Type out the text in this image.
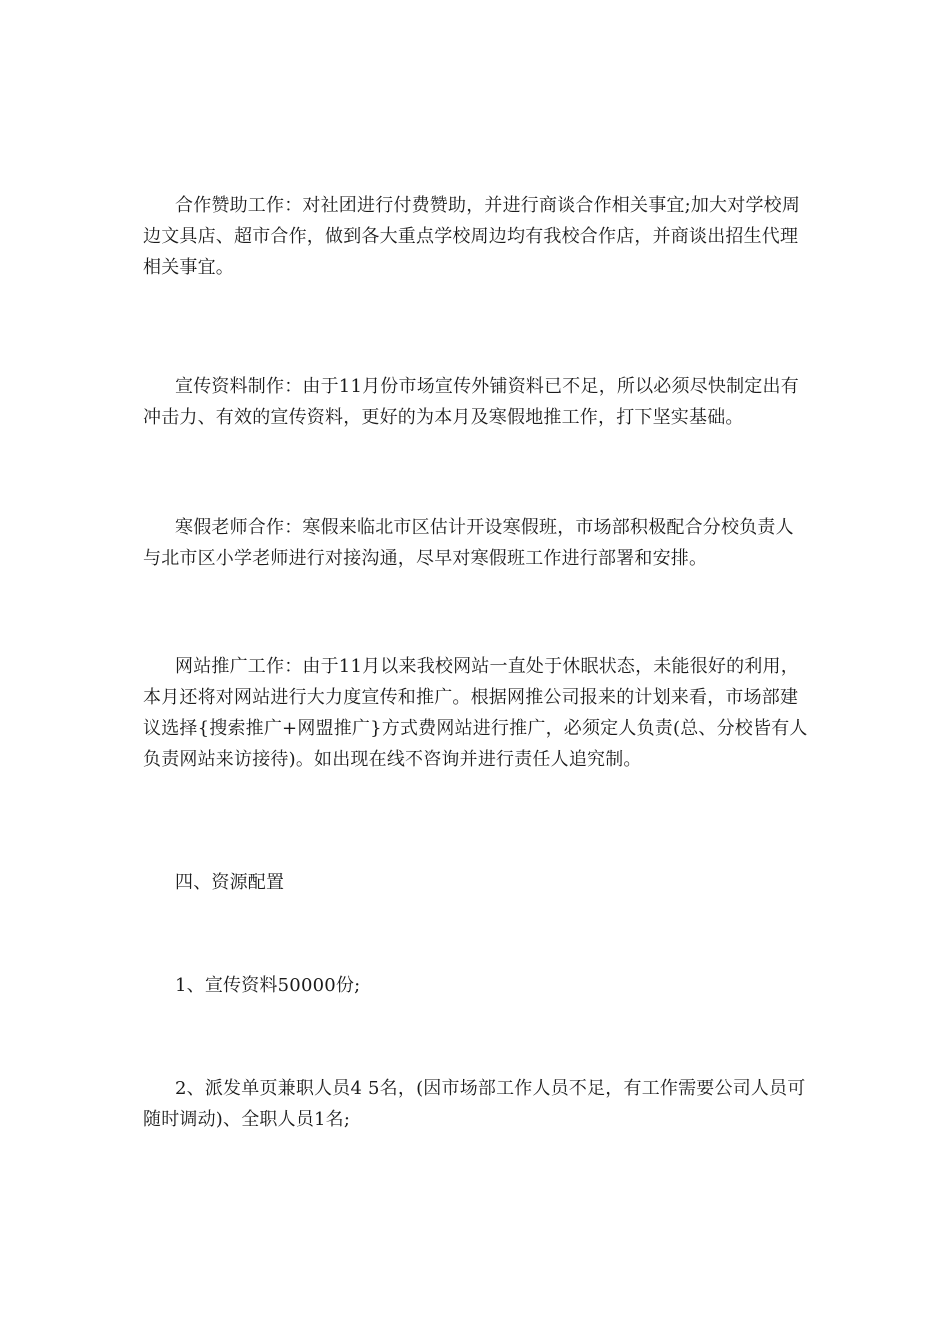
合作赞助工作：对社团进行付费赞助，并进行商谈合作相关事宜;加大对学校周边文具店、超市合作，做到各大重点学校周边均有我校合作店，并商谈出招生代理相关事宜。

宣传资料制作：由于11月份市场宣传外铺资料已不足，所以必须尽快制定出有冲击力、有效的宣传资料，更好的为本月及寒假地推工作，打下坚实基础。

寒假老师合作：寒假来临北市区估计开设寒假班，市场部积极配合分校负责人与北市区小学老师进行对接沟通，尽早对寒假班工作进行部署和安排。

网站推广工作：由于11月以来我校网站一直处于休眠状态，未能很好的利用，本月还将对网站进行大力度宣传和推广。根据网推公司报来的计划来看，市场部建议选择{搜索推广+网盟推广}方式费网站进行推广，必须定人负责(总、分校皆有人负责网站来访接待)。如出现在线不咨询并进行责任人追究制。

四、资源配置

1、宣传资料50000份;

2、派发单页兼职人员4 5名，(因市场部工作人员不足，有工作需要公司人员可随时调动)、全职人员1名;
